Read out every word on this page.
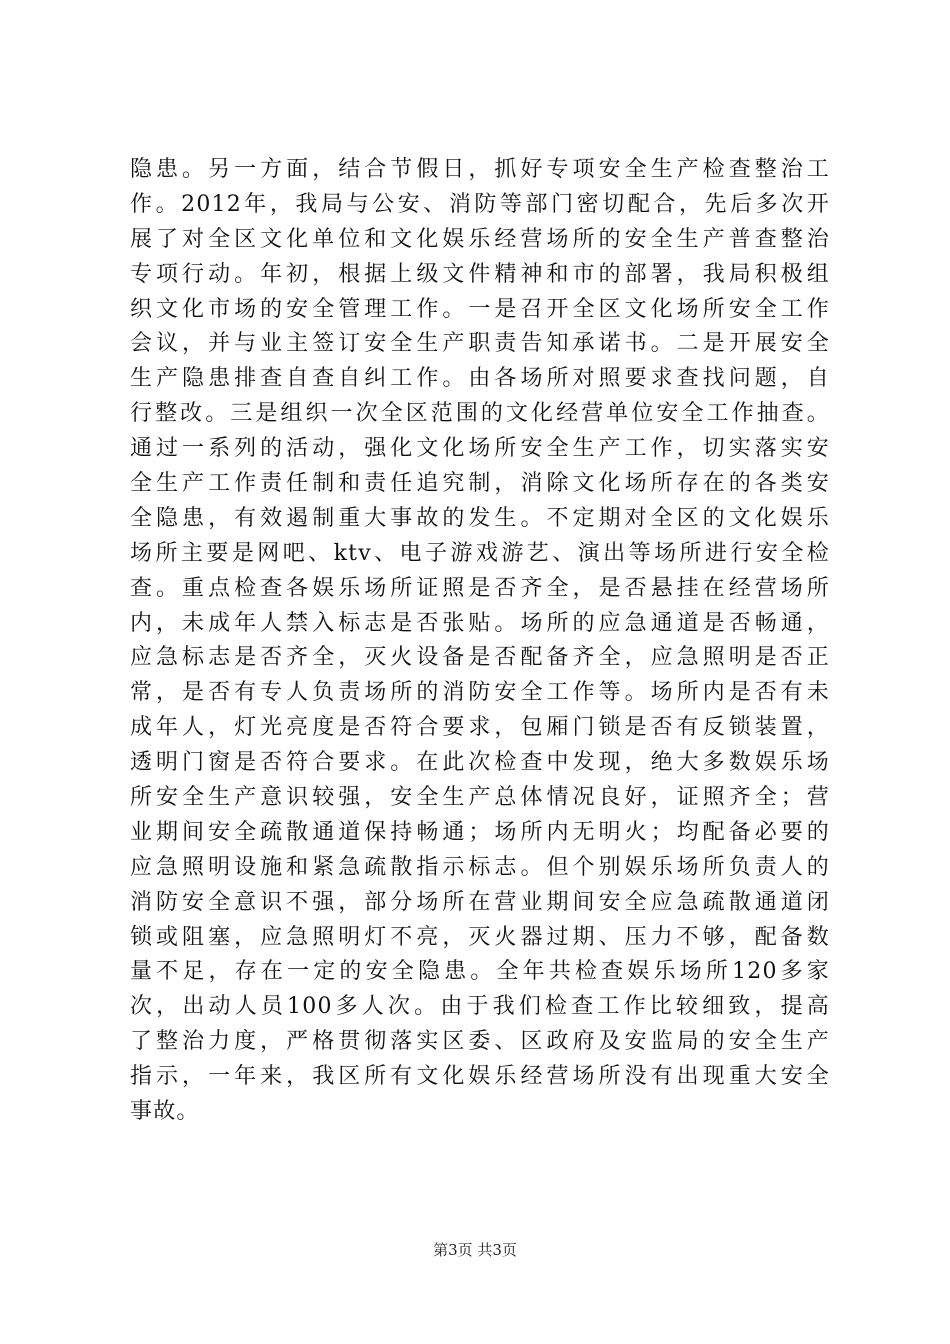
隐患。另一方面，结合节假日，抓好专项安全生产检查整治工
作。2012年，我局与公安、消防等部门密切配合，先后多次开
展了对全区文化单位和文化娱乐经营场所的安全生产普查整治
专项行动。年初，根据上级文件精神和市的部署，我局积极组
织文化市场的安全管理工作。一是召开全区文化场所安全工作
会议，并与业主签订安全生产职责告知承诺书。二是开展安全
生产隐患排查自查自纠工作。由各场所对照要求查找问题，自
行整改。三是组织一次全区范围的文化经营单位安全工作抽查。
通过一系列的活动，强化文化场所安全生产工作，切实落实安
全生产工作责任制和责任追究制，消除文化场所存在的各类安
全隐患，有效遏制重大事故的发生。不定期对全区的文化娱乐
场所主要是网吧、ktv、电子游戏游艺、演出等场所进行安全检
查。重点检查各娱乐场所证照是否齐全，是否悬挂在经营场所
内，未成年人禁入标志是否张贴。场所的应急通道是否畅通，
应急标志是否齐全，灭火设备是否配备齐全，应急照明是否正
常，是否有专人负责场所的消防安全工作等。场所内是否有未
成年人，灯光亮度是否符合要求，包厢门锁是否有反锁装置，
透明门窗是否符合要求。在此次检查中发现，绝大多数娱乐场
所安全生产意识较强，安全生产总体情况良好，证照齐全；营
业期间安全疏散通道保持畅通；场所内无明火；均配备必要的
应急照明设施和紧急疏散指示标志。但个别娱乐场所负责人的
消防安全意识不强，部分场所在营业期间安全应急疏散通道闭
锁或阻塞，应急照明灯不亮，灭火器过期、压力不够，配备数
量不足，存在一定的安全隐患。全年共检查娱乐场所120多家
次，出动人员100多人次。由于我们检查工作比较细致，提高
了整治力度，严格贯彻落实区委、区政府及安监局的安全生产
指示，一年来，我区所有文化娱乐经营场所没有出现重大安全
事故。
第3页 共3页
